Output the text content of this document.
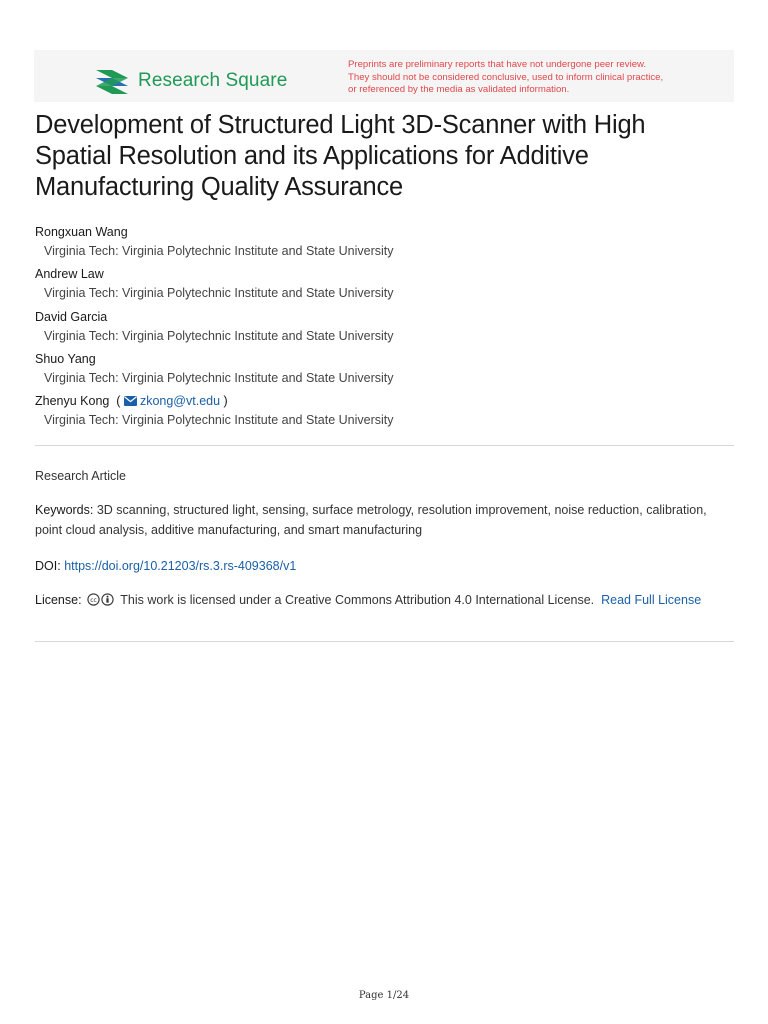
Research Square
Preprints are preliminary reports that have not undergone peer review.
They should not be considered conclusive, used to inform clinical practice,
or referenced by the media as validated information.
Development of Structured Light 3D-Scanner with High Spatial Resolution and its Applications for Additive Manufacturing Quality Assurance
Rongxuan Wang
Virginia Tech: Virginia Polytechnic Institute and State University
Andrew Law
Virginia Tech: Virginia Polytechnic Institute and State University
David Garcia
Virginia Tech: Virginia Polytechnic Institute and State University
Shuo Yang
Virginia Tech: Virginia Polytechnic Institute and State University
Zhenyu Kong  ( zkong@vt.edu )
Virginia Tech: Virginia Polytechnic Institute and State University
Research Article
Keywords: 3D scanning, structured light, sensing, surface metrology, resolution improvement, noise reduction, calibration, point cloud analysis, additive manufacturing, and smart manufacturing
DOI: https://doi.org/10.21203/rs.3.rs-409368/v1
License: cc This work is licensed under a Creative Commons Attribution 4.0 International License. Read Full License
Page 1/24
